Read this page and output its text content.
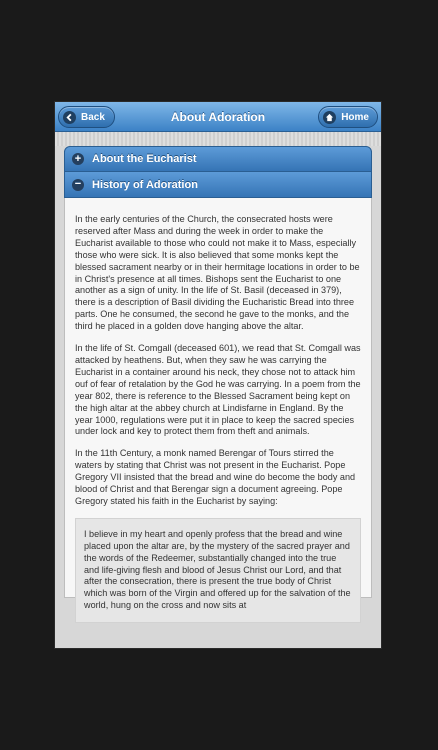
Back	About Adoration	Home
+ About the Eucharist
− History of Adoration

In the early centuries of the Church, the consecrated hosts were reserved after Mass and during the week in order to make the Eucharist available to those who could not make it to Mass, especially those who were sick. It is also believed that some monks kept the blessed sacrament nearby or in their hermitage locations in order to be in Christ's presence at all times. Bishops sent the Eucharist to one another as a sign of unity. In the life of St. Basil (deceased in 379), there is a description of Basil dividing the Eucharistic Bread into three parts. One he consumed, the second he gave to the monks, and the third he placed in a golden dove hanging above the altar.

In the life of St. Comgall (deceased 601), we read that St. Comgall was attacked by heathens. But, when they saw he was carrying the Eucharist in a container around his neck, they chose not to attack him ouf of fear of retalation by the God he was carrying. In a poem from the year 802, there is reference to the Blessed Sacrament being kept on the high altar at the abbey church at Lindisfarne in England. By the year 1000, regulations were put it in place to keep the sacred species under lock and key to protect them from theft and animals.

In the 11th Century, a monk named Berengar of Tours stirred the waters by stating that Christ was not present in the Eucharist. Pope Gregory VII insisted that the bread and wine do become the body and blood of Christ and that Berengar sign a document agreeing. Pope Gregory stated his faith in the Eucharist by saying:

I believe in my heart and openly profess that the bread and wine placed upon the altar are, by the mystery of the sacred prayer and the words of the Redeemer, substantially changed into the true and life-giving flesh and blood of Jesus Christ our Lord, and that after the consecration, there is present the true body of Christ which was born of the Virgin and offered up for the salvation of the world, hung on the cross and now sits at
